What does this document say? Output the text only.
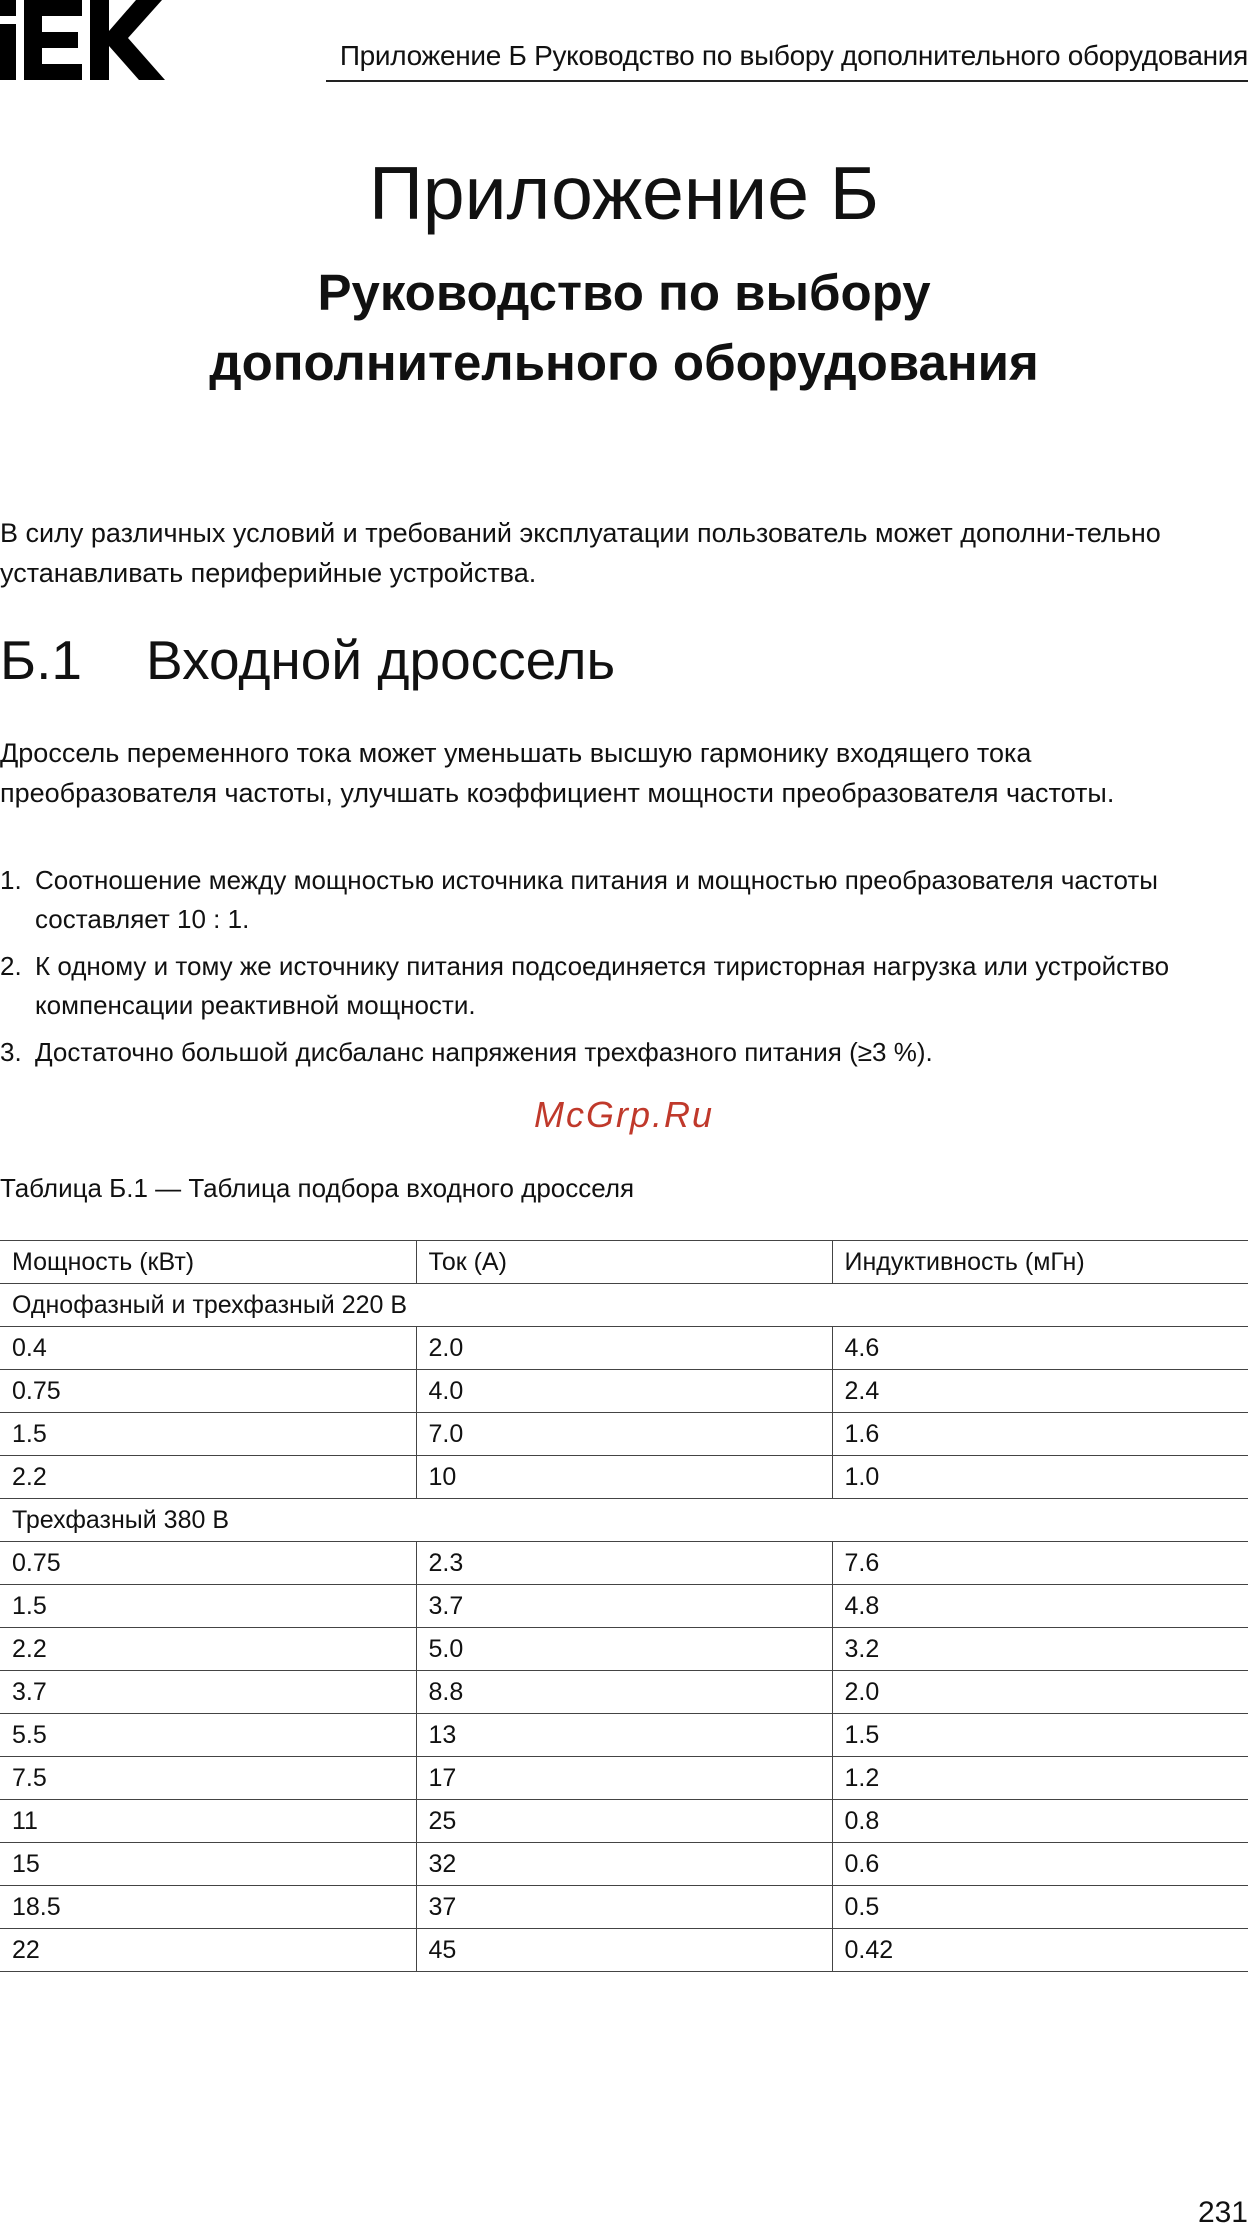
Приложение Б Руководство по выбору дополнительного оборудования
Приложение Б
Руководство по выбору
дополнительного оборудования

В силу различных условий и требований эксплуатации пользователь может дополни-тельно устанавливать периферийные устройства.

Б.1 Входной дроссель

Дроссель переменного тока может уменьшать высшую гармонику входящего тока преобразователя частоты, улучшать коэффициент мощности преобразователя частоты.

1. Соотношение между мощностью источника питания и мощностью преобразователя частоты составляет 10 : 1.
2. К одному и тому же источнику питания подсоединяется тиристорная нагрузка или устройство компенсации реактивной мощности.
3. Достаточно большой дисбаланс напряжения трехфазного питания (≥3 %).
McGrp.Ru

Таблица Б.1 — Таблица подбора входного дросселя

Мощность (кВт)	Ток (А)	Индуктивность (мГн)
Однофазный и трехфазный 220 В		
0.4	2.0	4.6
0.75	4.0	2.4
1.5	7.0	1.6
2.2	10	1.0
Трехфазный 380 В		
0.75	2.3	7.6
1.5	3.7	4.8
2.2	5.0	3.2
3.7	8.8	2.0
5.5	13	1.5
7.5	17	1.2
11	25	0.8
15	32	0.6
18.5	37	0.5
22	45	0.42
231
